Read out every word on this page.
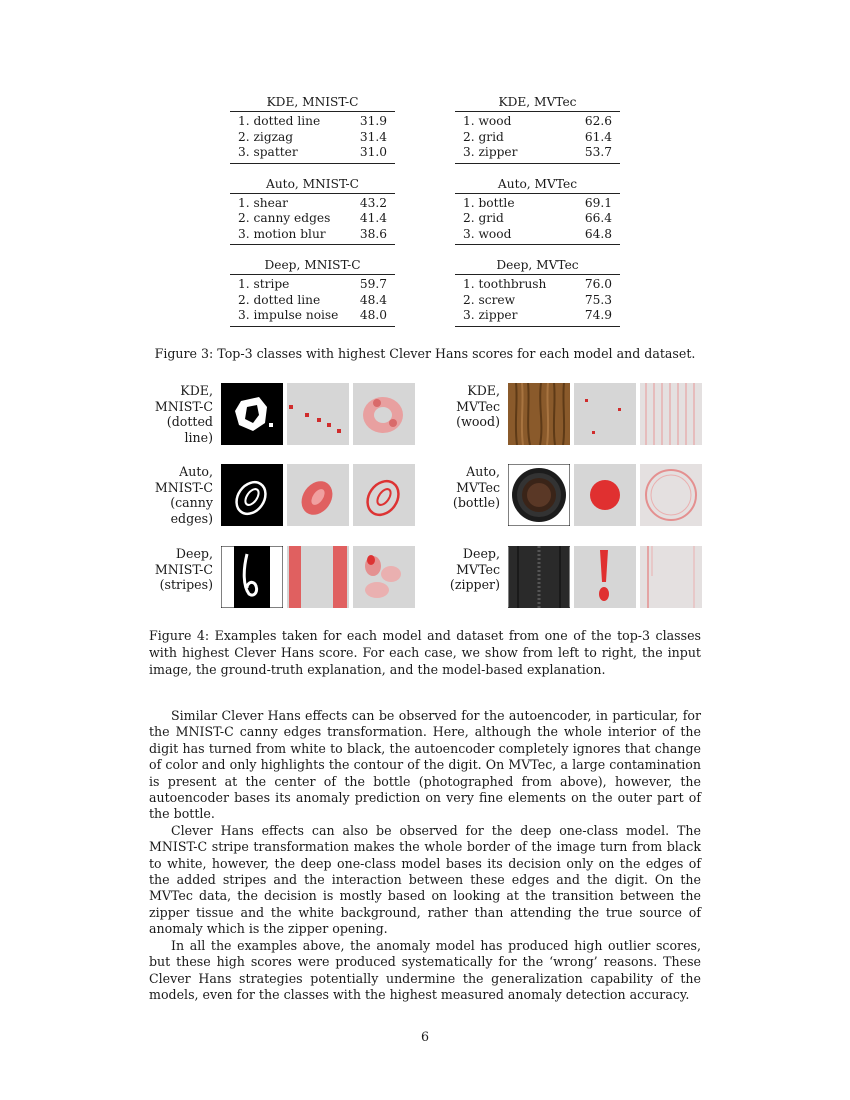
KDE, MNIST-C
1. dotted line	31.9
2. zigzag	31.4
3. spatter	31.0
KDE, MVTec
1. wood	62.6
2. grid	61.4
3. zipper	53.7
Auto, MNIST-C
1. shear	43.2
2. canny edges 41.4
3. motion blur	38.6
Auto, MVTec
1. bottle	69.1
2. grid	66.4
3. wood	64.8
Deep, MNIST-C
1. stripe	59.7
2. dotted line	48.4
3. impulse noise 48.0
Deep, MVTec
1. toothbrush	76.0
2. screw	75.3
3. zipper	74.9
Figure 3: Top-3 classes with highest Clever Hans scores for each model and dataset.
KDE,
MNIST-C
(dotted
line)
KDE,
MVTec
(wood)
Auto,
MNIST-C
(canny
edges)
Auto,
MVTec
(bottle)
Deep,
MNIST-C
(stripes)
Deep,
MVTec
(zipper)
Figure 4: Examples taken for each model and dataset from one of the top-3 classes with highest Clever Hans score. For each case, we show from left to right, the input image, the ground-truth explanation, and the model-based explanation.

Similar Clever Hans effects can be observed for the autoencoder, in particular, for the MNIST-C canny edges transformation. Here, although the whole interior of the digit has turned from white to black, the autoencoder completely ignores that change of color and only highlights the contour of the digit. On MVTec, a large contamination is present at the center of the bottle (photographed from above), however, the autoencoder bases its anomaly prediction on very fine elements on the outer part of the bottle.

Clever Hans effects can also be observed for the deep one-class model. The MNIST-C stripe transformation makes the whole border of the image turn from black to white, however, the deep one-class model bases its decision only on the edges of the added stripes and the interaction between these edges and the digit. On the MVTec data, the decision is mostly based on looking at the transition between the zipper tissue and the white background, rather than attending the true source of anomaly which is the zipper opening.

In all the examples above, the anomaly model has produced high outlier scores, but these high scores were produced systematically for the ‘wrong’ reasons. These Clever Hans strategies potentially undermine the generalization capability of the models, even for the classes with the highest measured anomaly detection accuracy.

6
